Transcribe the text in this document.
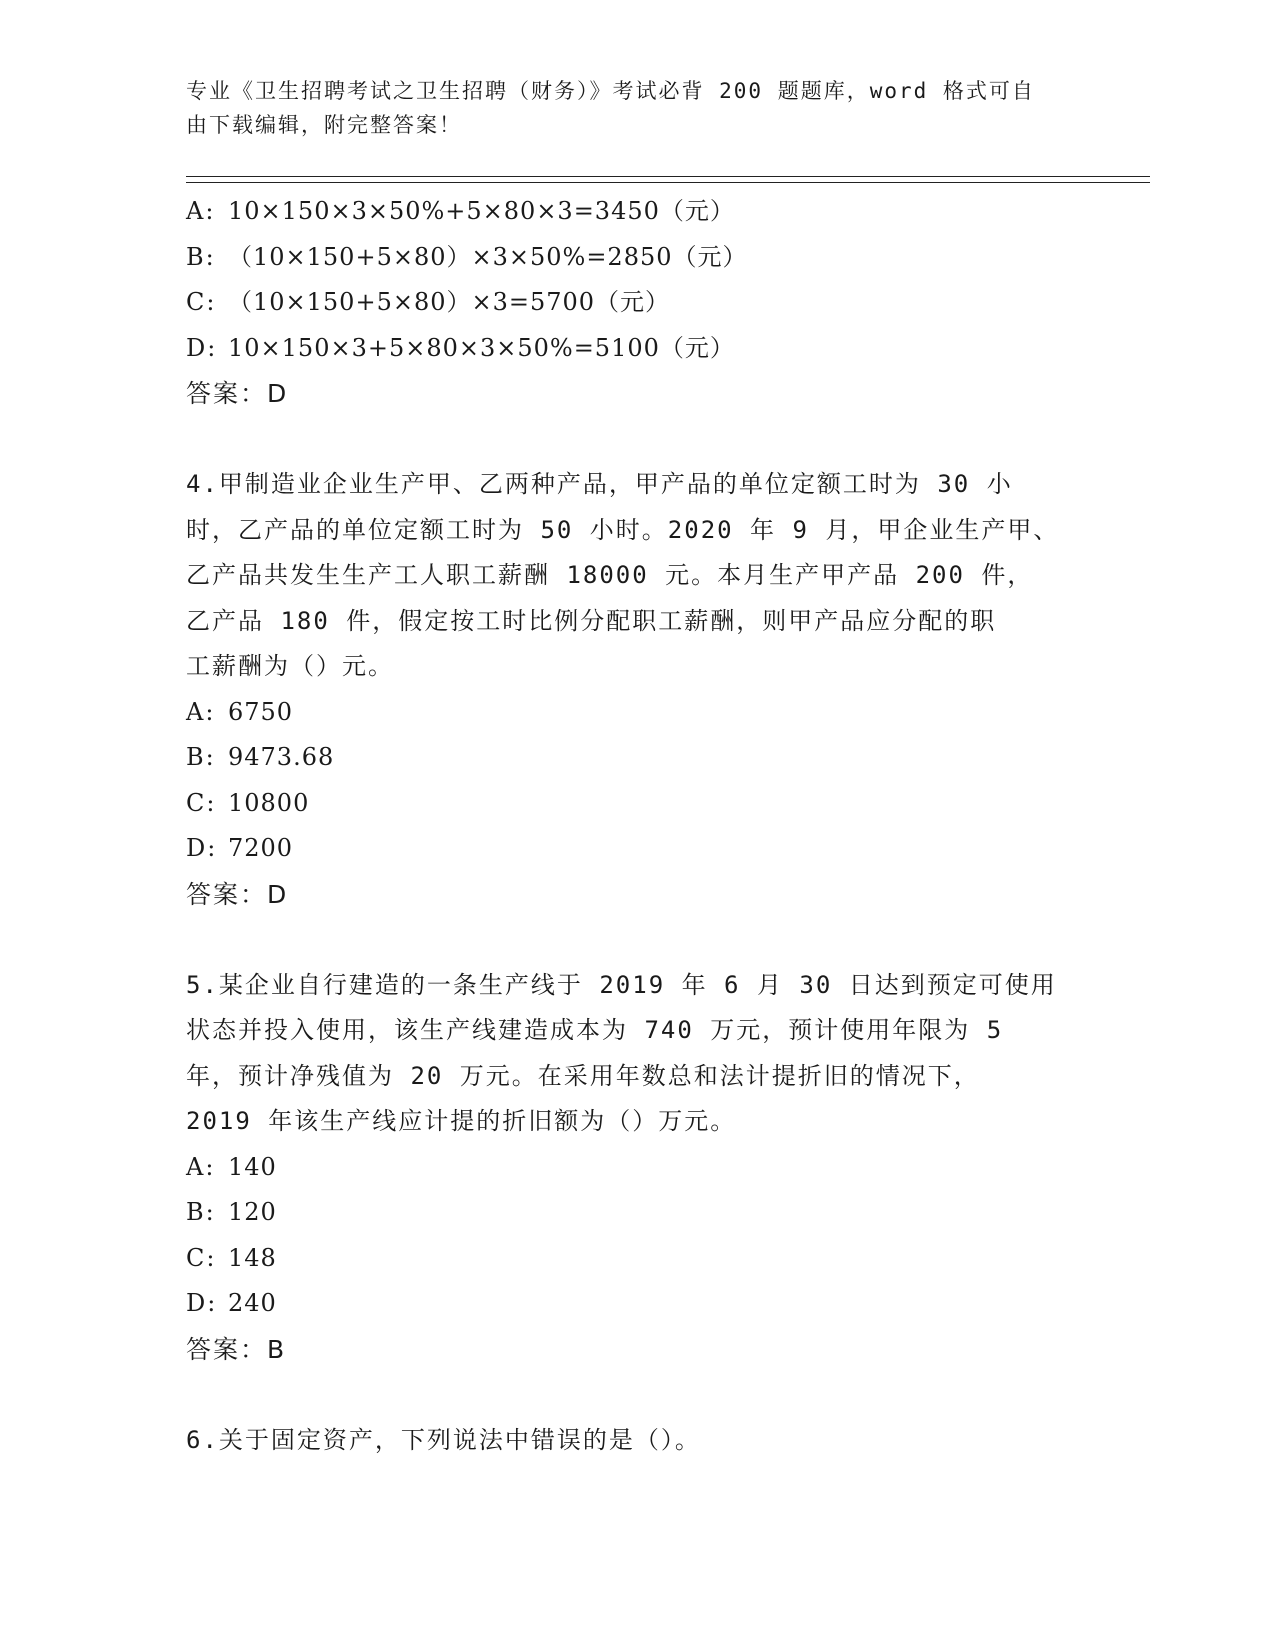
专业《卫生招聘考试之卫生招聘（财务）》考试必背 200 题题库，word 格式可自
由下载编辑，附完整答案！
A: 10×150×3×50%+5×80×3=3450（元）
B: （10×150+5×80）×3×50%=2850（元）
C: （10×150+5×80）×3=5700（元）
D: 10×150×3+5×80×3×50%=5100（元）
答案：D
4.甲制造业企业生产甲、乙两种产品，甲产品的单位定额工时为 30 小
时，乙产品的单位定额工时为 50 小时。2020 年 9 月，甲企业生产甲、
乙产品共发生生产工人职工薪酬 18000 元。本月生产甲产品 200 件，
乙产品 180 件，假定按工时比例分配职工薪酬，则甲产品应分配的职
工薪酬为（）元。
A: 6750
B: 9473.68
C: 10800
D: 7200
答案：D
5.某企业自行建造的一条生产线于 2019 年 6 月 30 日达到预定可使用
状态并投入使用，该生产线建造成本为 740 万元，预计使用年限为 5
年，预计净残值为 20 万元。在采用年数总和法计提折旧的情况下，
2019 年该生产线应计提的折旧额为（）万元。
A: 140
B: 120
C: 148
D: 240
答案：B
6.关于固定资产，下列说法中错误的是（）。
